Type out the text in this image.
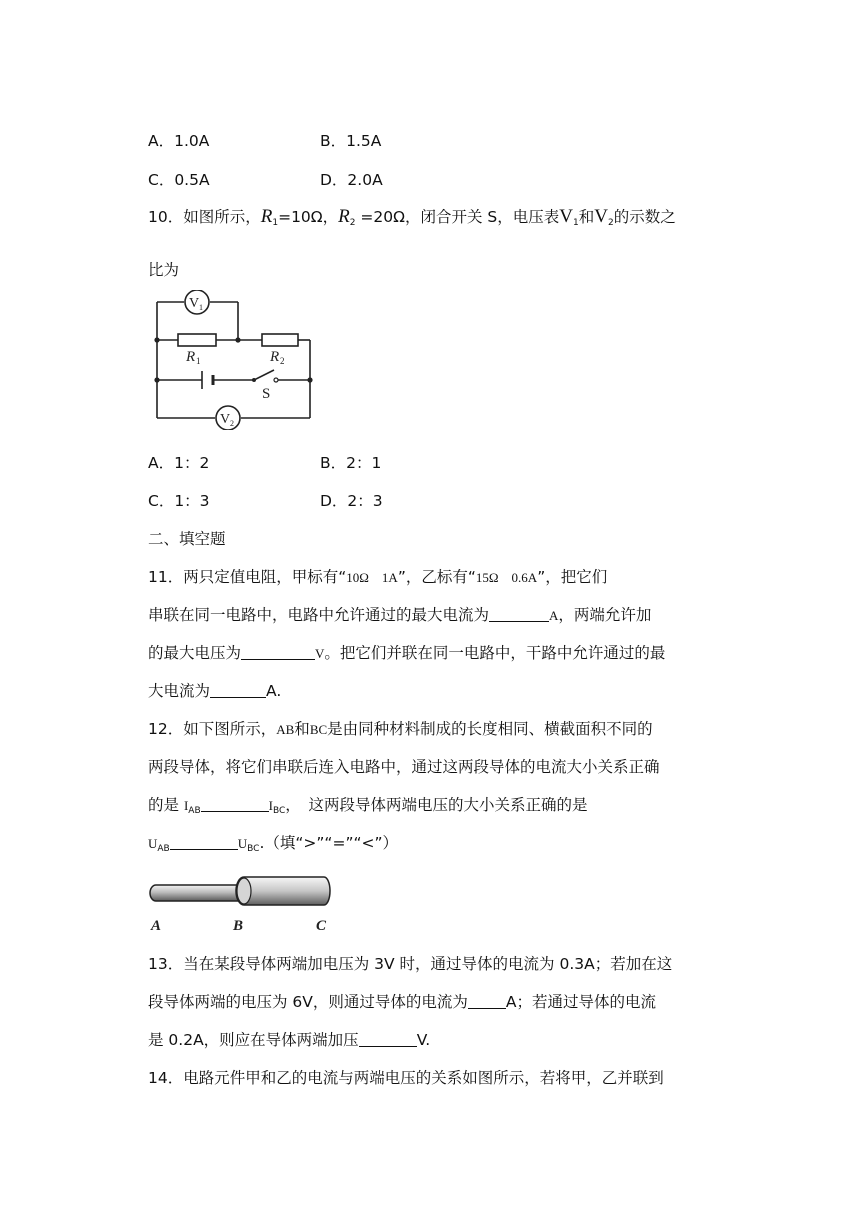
A．1.0A	B．1.5A
C．0.5A	D．2.0A
10．如图所示，$R_1=10\Omega$，$R_2 =20\Omega$，闭合开关 S，电压表$V_1$和$V_2$的示数之
比为
V 1
V 2
R 1	R 2
S
A．1：2	B．2：1
C．1：3	D．2：3
二、填空题
11．两只定值电阻，甲标有“10Ω　1A”，乙标有“15Ω　0.6A”，把它们
串联在同一电路中，电路中允许通过的最大电流为	A，两端允许加
的最大电压为	V。把它们并联在同一电路中，干路中允许通过的最
大电流为	A.
12．如下图所示，AB和BC是由同种材料制成的长度相同、横截面积不同的
两段导体，将它们串联后连入电路中，通过这两段导体的电流大小关系正确
的是 $I_{AB}$	$I_{BC}$，　这两段导体两端电压的大小关系正确的是
$U_{AB}$	$U_{BC}$.（填“>”“=”“<”）
A	B	C
13．当在某段导体两端加电压为 3V 时，通过导体的电流为 0.3A；若加在这
段导体两端的电压为 6V，则通过导体的电流为 A；若通过导体的电流
是 0.2A，则应在导体两端加压	V.
14．电路元件甲和乙的电流与两端电压的关系如图所示，若将甲，乙并联到
